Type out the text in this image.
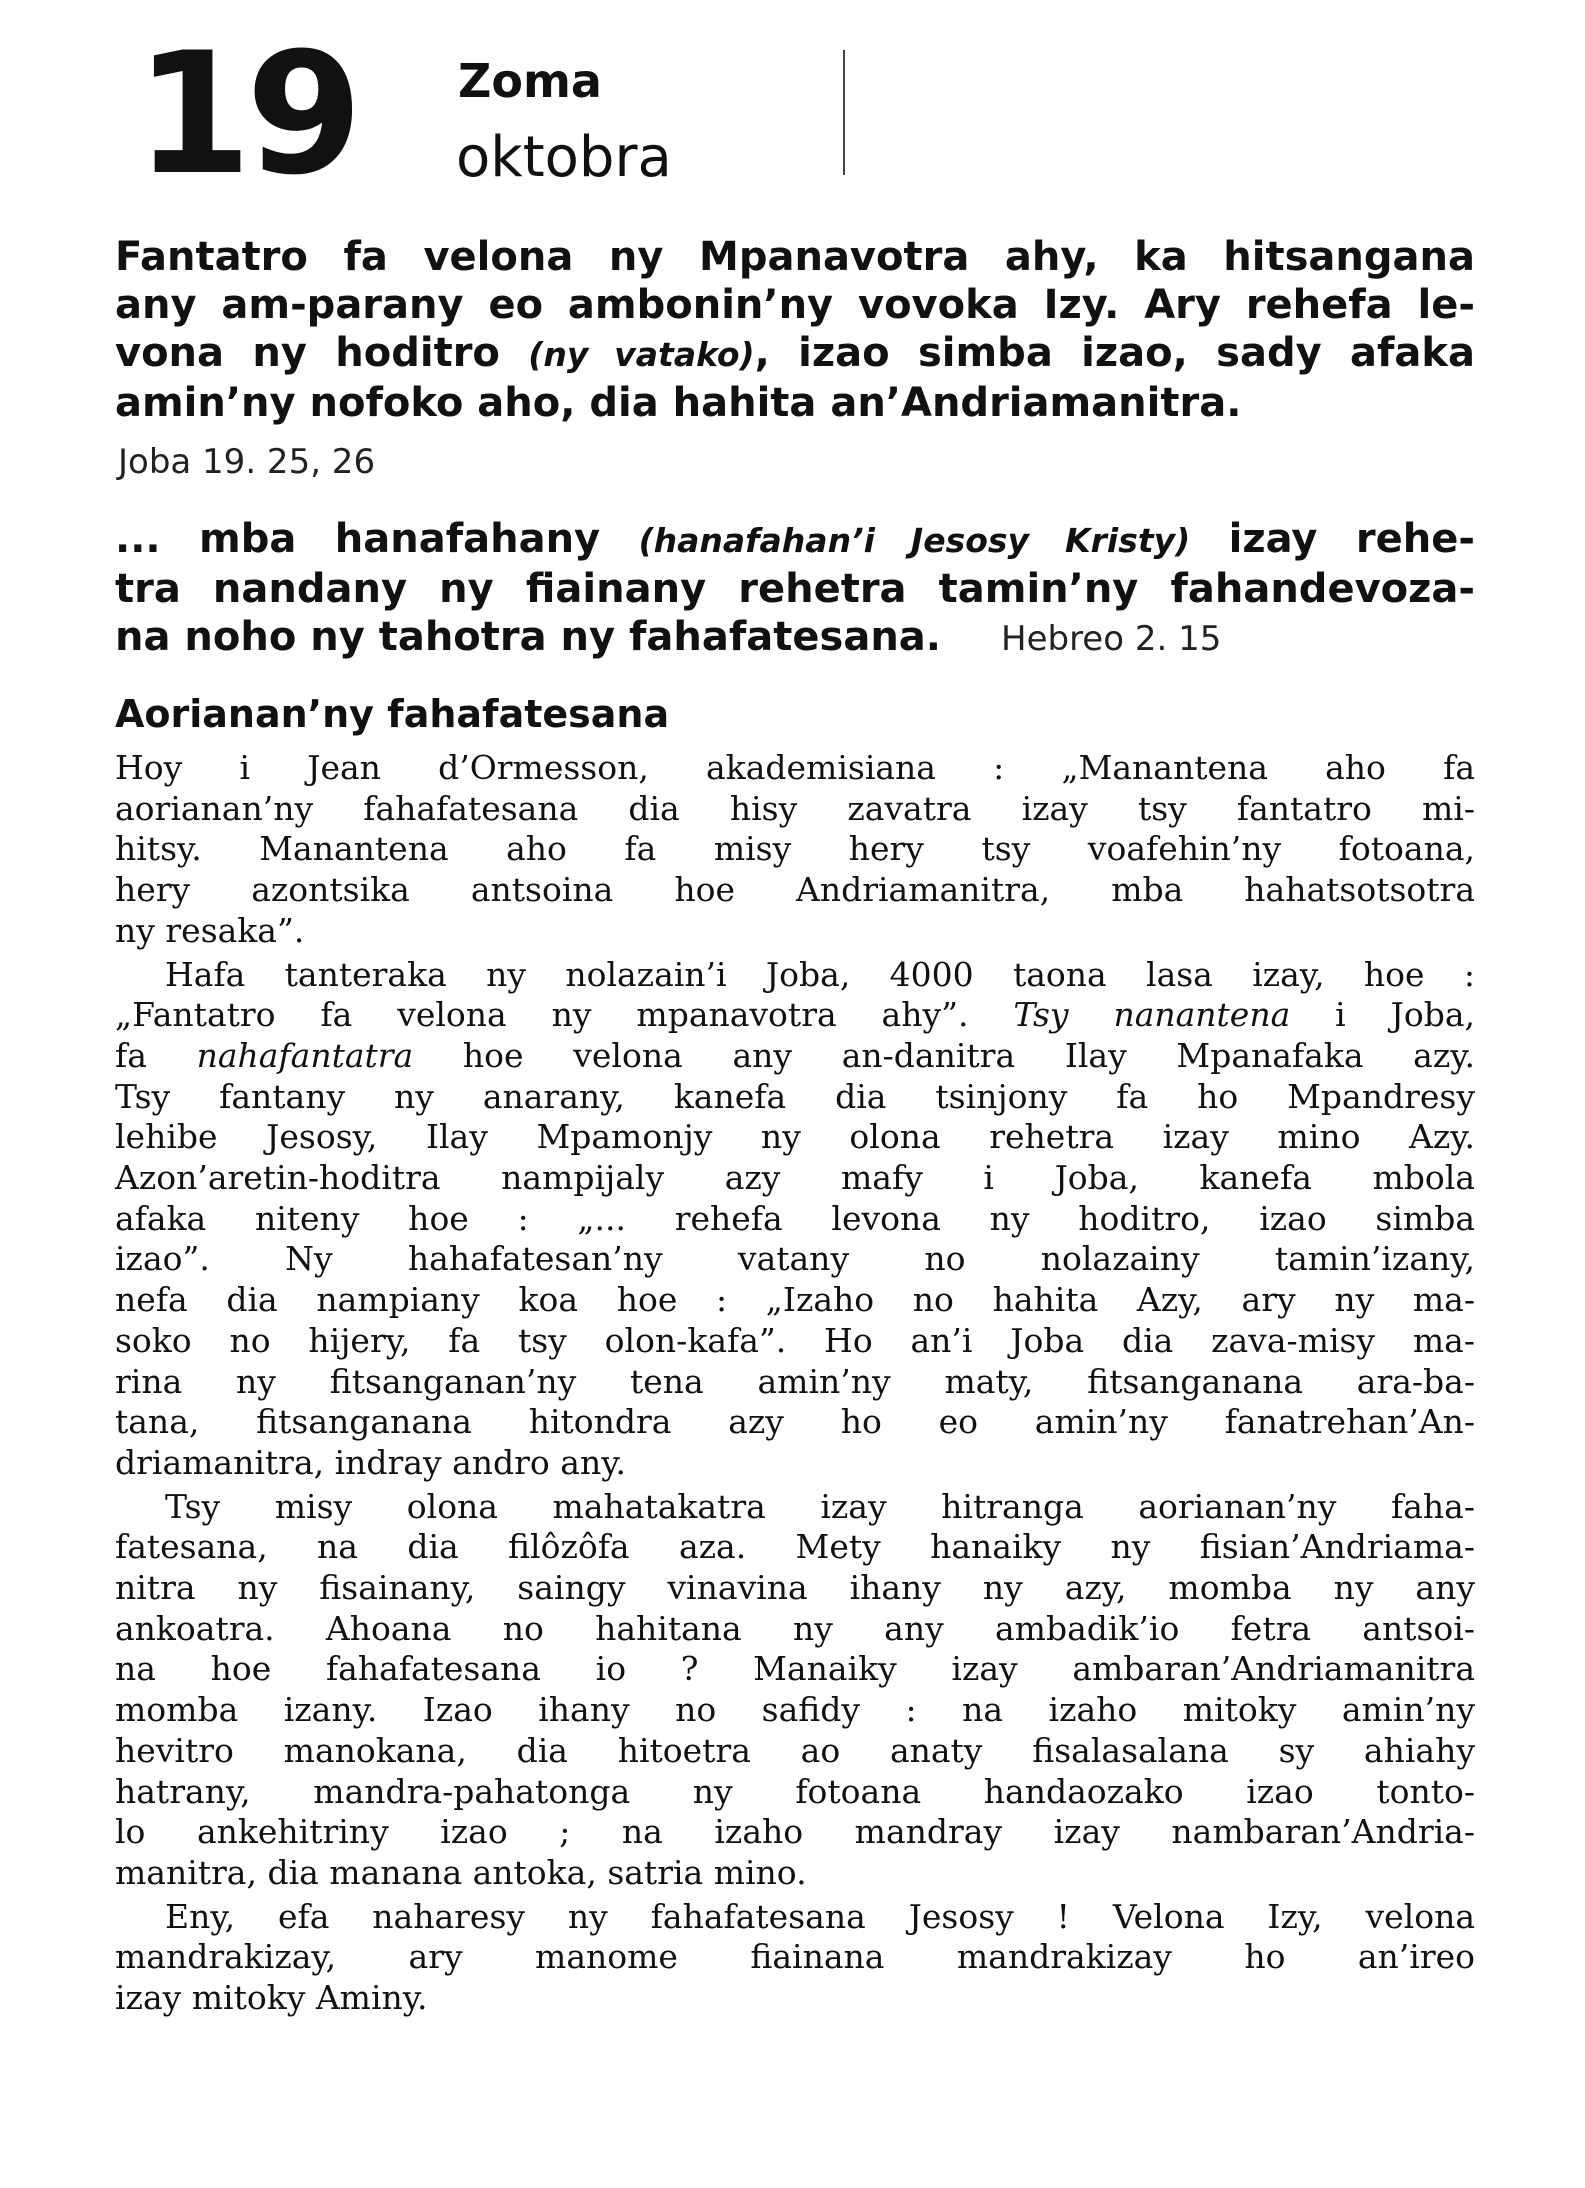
19 Zoma
oktobra
Fantatro fa velona ny Mpanavotra ahy, ka hitsangana
any am-parany eo ambonin’ny vovoka Izy. Ary rehefa le-
vona ny hoditro (ny vatako), izao simba izao, sady afaka
amin’ny nofoko aho, dia hahita an’Andriamanitra.
Joba 19. 25, 26
... mba hanafahany (hanafahan’i Jesosy Kristy) izay rehe-
tra nandany ny fiainany rehetra tamin’ny fahandevoza-
na noho ny tahotra ny fahafatesana. Hebreo 2. 15
Aorianan’ny fahafatesana

Hoy i Jean d’Ormesson, akademisiana : „Manantena aho fa
aorianan’ny fahafatesana dia hisy zavatra izay tsy fantatro mi-
hitsy. Manantena aho fa misy hery tsy voafehin’ny fotoana,
hery azontsika antsoina hoe Andriamanitra, mba hahatsotsotra
ny resaka”.

Hafa tanteraka ny nolazain’i Joba, 4000 taona lasa izay, hoe :
„Fantatro fa velona ny mpanavotra ahy”. Tsy nanantena i Joba,
fa nahafantatra hoe velona any an-danitra Ilay Mpanafaka azy.
Tsy fantany ny anarany, kanefa dia tsinjony fa ho Mpandresy
lehibe Jesosy, Ilay Mpamonjy ny olona rehetra izay mino Azy.
Azon’aretin-hoditra nampijaly azy mafy i Joba, kanefa mbola
afaka niteny hoe : „... rehefa levona ny hoditro, izao simba
izao”. Ny hahafatesan’ny vatany no nolazainy tamin’izany,
nefa dia nampiany koa hoe : „Izaho no hahita Azy, ary ny ma-
soko no hijery, fa tsy olon-kafa”. Ho an’i Joba dia zava-misy ma-
rina ny fitsanganan’ny tena amin’ny maty, fitsanganana ara-ba-
tana, fitsanganana hitondra azy ho eo amin’ny fanatrehan’An-
driamanitra, indray andro any.

Tsy misy olona mahatakatra izay hitranga aorianan’ny faha-
fatesana, na dia filôzôfa aza. Mety hanaiky ny fisian’Andriama-
nitra ny fisainany, saingy vinavina ihany ny azy, momba ny any
ankoatra. Ahoana no hahitana ny any ambadik’io fetra antsoi-
na hoe fahafatesana io ? Manaiky izay ambaran’Andriamanitra
momba izany. Izao ihany no safidy : na izaho mitoky amin’ny
hevitro manokana, dia hitoetra ao anaty fisalasalana sy ahiahy
hatrany, mandra-pahatonga ny fotoana handaozako izao tonto-
lo ankehitriny izao ; na izaho mandray izay nambaran’Andria-
manitra, dia manana antoka, satria mino.

Eny, efa naharesy ny fahafatesana Jesosy ! Velona Izy, velona
mandrakizay, ary manome fiainana mandrakizay ho an’ireo
izay mitoky Aminy.
